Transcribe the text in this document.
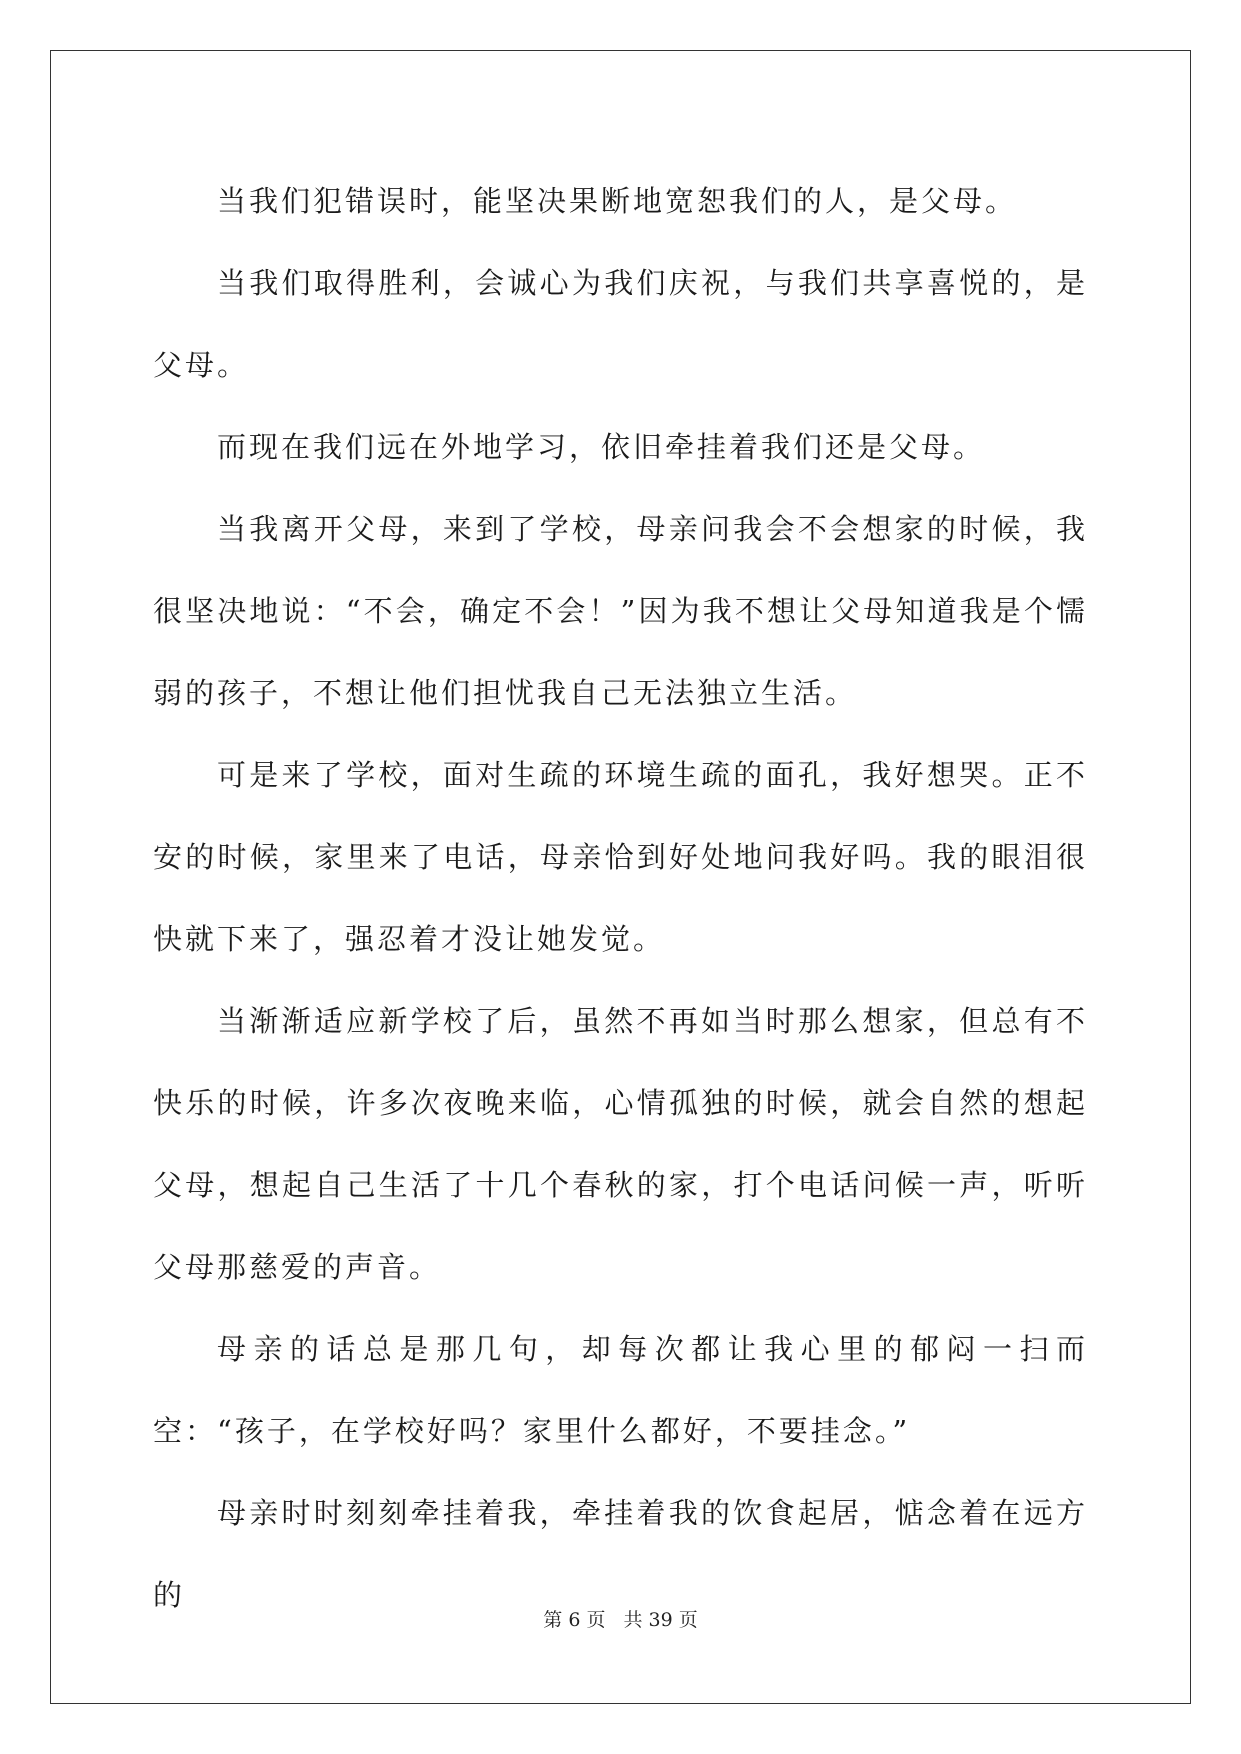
当我们犯错误时，能坚决果断地宽恕我们的人，是父母。

当我们取得胜利，会诚心为我们庆祝，与我们共享喜悦的，是父母。

而现在我们远在外地学习，依旧牵挂着我们还是父母。

当我离开父母，来到了学校，母亲问我会不会想家的时候，我很坚决地说：“不会，确定不会！”因为我不想让父母知道我是个懦弱的孩子，不想让他们担忧我自己无法独立生活。

可是来了学校，面对生疏的环境生疏的面孔，我好想哭。正不安的时候，家里来了电话，母亲恰到好处地问我好吗。我的眼泪很快就下来了，强忍着才没让她发觉。

当渐渐适应新学校了后，虽然不再如当时那么想家，但总有不快乐的时候，许多次夜晚来临，心情孤独的时候，就会自然的想起父母，想起自己生活了十几个春秋的家，打个电话问候一声，听听父母那慈爱的声音。

母亲的话总是那几句，却每次都让我心里的郁闷一扫而空：“孩子，在学校好吗？家里什么都好，不要挂念。”

母亲时时刻刻牵挂着我，牵挂着我的饮食起居，惦念着在远方的

第 6 页 共 39 页
